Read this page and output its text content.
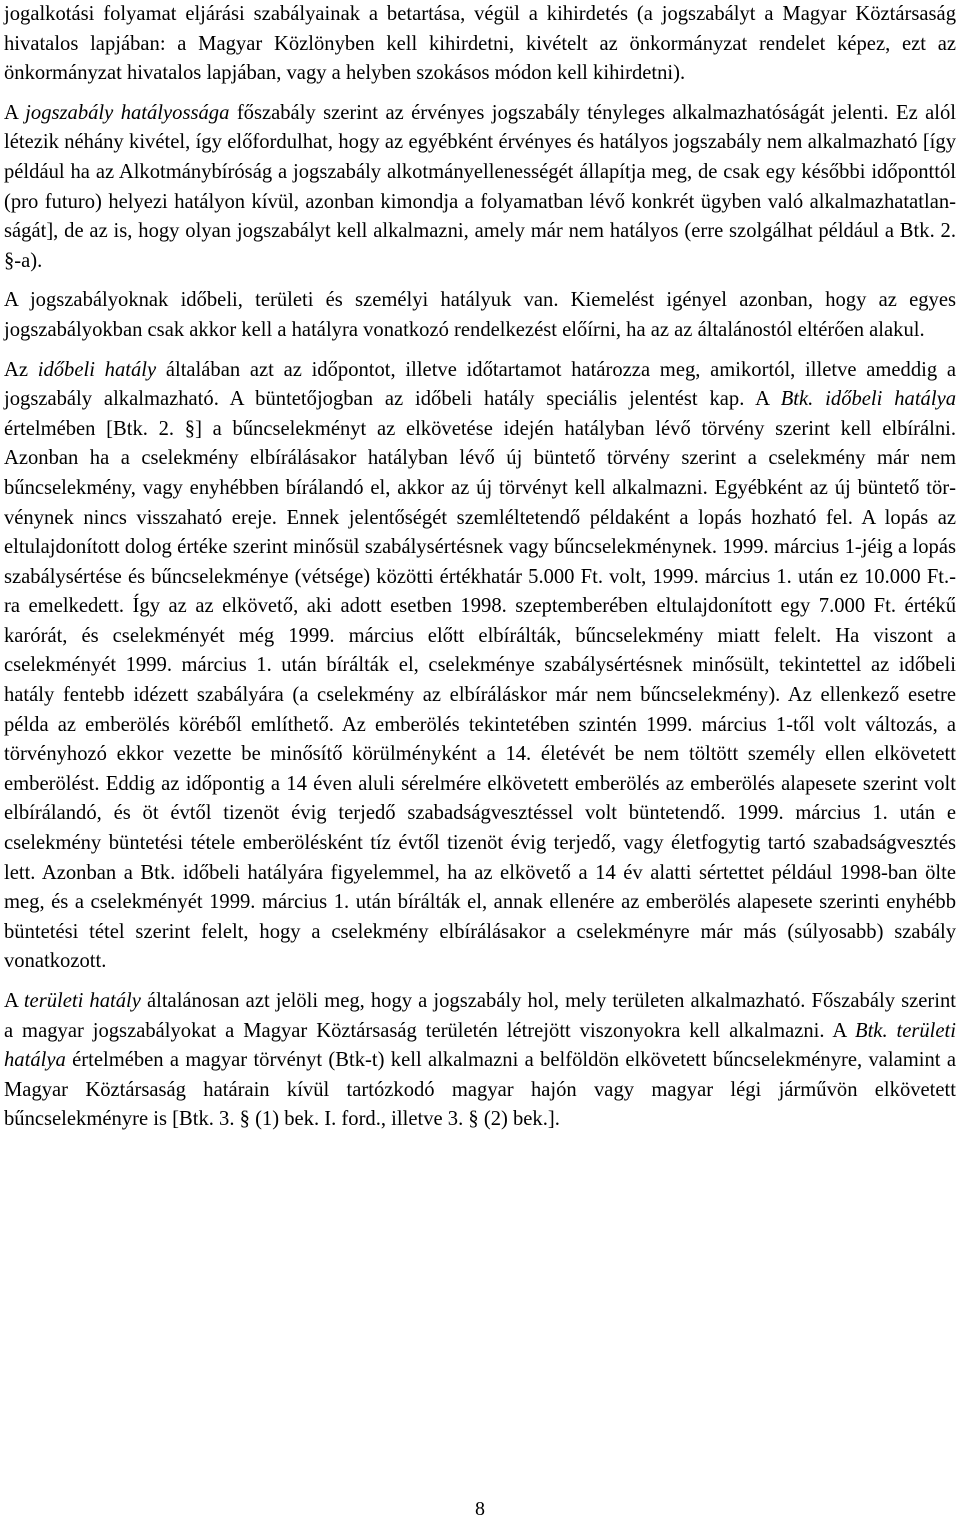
jogalkotási folyamat eljárási szabályainak a betartása, végül a kihirdetés (a jogszabályt a Magyar Köztársaság hivatalos lapjában: a Magyar Közlönyben kell kihirdetni, kivételt az önkormányzat rendelet képez, ezt az önkormányzat hivatalos lapjában, vagy a helyben szokásos módon kell kihirdetni).

A jogszabály hatályossága főszabály szerint az érvényes jogszabály tényleges alkalmazhatóságát jelenti. Ez alól létezik néhány kivétel, így előfordulhat, hogy az egyébként érvényes és hatályos jogszabály nem alkalmazható [így például ha az Alkotmánybíróság a jogszabály alkotmányellenességét állapítja meg, de csak egy későbbi időponttól (pro futuro) helyezi hatályon kívül, azonban kimondja a folyamatban lévő konkrét ügyben való alkalmazhatatlanságát], de az is, hogy olyan jogszabályt kell alkalmazni, amely már nem hatályos (erre szolgálhat például a Btk. 2. §-a).

A jogszabályoknak időbeli, területi és személyi hatályuk van. Kiemelést igényel azonban, hogy az egyes jogszabályokban csak akkor kell a hatályra vonatkozó rendelkezést előírni, ha az az általánostól eltérően alakul.

Az időbeli hatály általában azt az időpontot, illetve időtartamot határozza meg, amikortól, illetve ameddig a jogszabály alkalmazható. A büntetőjogban az időbeli hatály speciális jelentést kap. A Btk. időbeli hatálya értelmében [Btk. 2. §] a bűncselekményt az elkövetése idején hatályban lévő törvény szerint kell elbírálni. Azonban ha a cselekmény elbírálásakor hatályban lévő új büntető törvény szerint a cselekmény már nem bűncselekmény, vagy enyhébben bírálandó el, akkor az új törvényt kell alkalmazni. Egyébként az új büntető törvénynek nincs visszaható ereje. Ennek jelentőségét szemléltetendő példaként a lopás hozható fel. A lopás az eltulajdonított dolog értéke szerint minősül szabálysértésnek vagy bűncselekménynek. 1999. március 1-jéig a lopás szabálysértése és bűncselekménye (vétsége) közötti értékhatár 5.000 Ft. volt, 1999. március 1. után ez 10.000 Ft.-ra emelkedett. Így az az elkövető, aki adott esetben 1998. szeptemberében eltulajdonított egy 7.000 Ft. értékű karórát, és cselekményét még 1999. március előtt elbírálták, bűncselekmény miatt felelt. Ha viszont a cselekményét 1999. március 1. után bírálták el, cselekménye szabálysértésnek minősült, tekintettel az időbeli hatály fentebb idézett szabályára (a cselekmény az elbíráláskor már nem bűncselekmény). Az ellenkező esetre példa az emberölés köréből említhető. Az emberölés tekintetében szintén 1999. március 1-től volt változás, a törvényhozó ekkor vezette be minősítő körülményként a 14. életévét be nem töltött személy ellen elkövetett emberölést. Eddig az időpontig a 14 éven aluli sérelmére elkövetett emberölés az emberölés alapesete szerint volt elbírálandó, és öt évtől tizenöt évig terjedő szabadságvesztéssel volt büntetendő. 1999. március 1. után e cselekmény büntetési tétele emberölésként tíz évtől tizenöt évig terjedő, vagy életfogytig tartó szabadságvesztés lett. Azonban a Btk. időbeli hatályára figyelemmel, ha az elkövető a 14 év alatti sértettet például 1998-ban ölte meg, és a cselekményét 1999. március 1. után bírálták el, annak ellenére az emberölés alapesete szerinti enyhébb büntetési tétel szerint felelt, hogy a cselekmény elbírálásakor a cselekményre már más (súlyosabb) szabály vonatkozott.

A területi hatály általánosan azt jelöli meg, hogy a jogszabály hol, mely területen alkalmazható. Főszabály szerint a magyar jogszabályokat a Magyar Köztársaság területén létrejött viszonyokra kell alkalmazni. A Btk. területi hatálya értelmében a magyar törvényt (Btk-t) kell alkalmazni a belföldön elkövetett bűncselekményre, valamint a Magyar Köztársaság határain kívül tartózkodó magyar hajón vagy magyar légi járművön elkövetett bűncselekményre is [Btk. 3. § (1) bek. I. ford., illetve 3. § (2) bek.].

8
